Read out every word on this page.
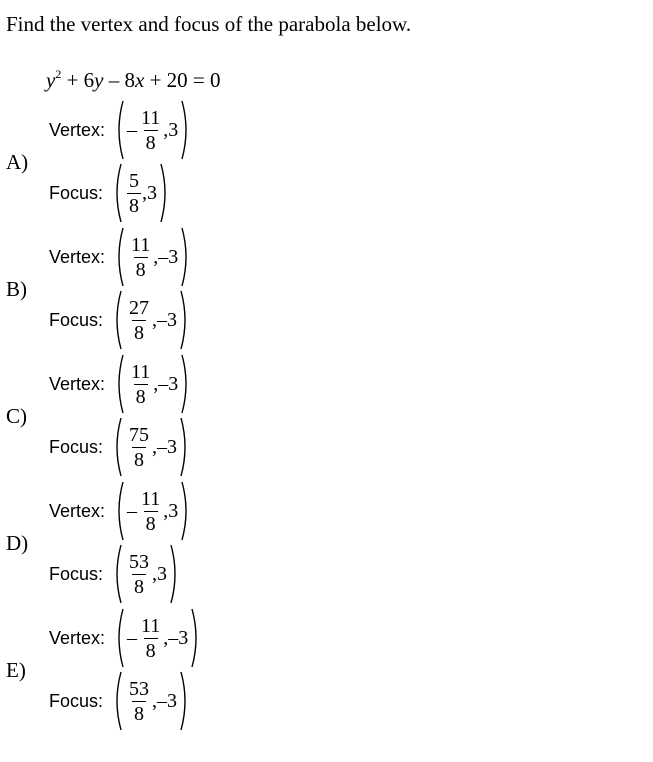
Find the vertex and focus of the parabola below.
$y^2 + 6y - 8x + 20 = 0$
A)
Vertex: – $\frac{11}{8} ,3$
Focus: $\frac{5}{8} ,3$
B)
Vertex: $\frac{11}{8} ,-3$
Focus: $\frac{27}{8} ,-3$
C)
Vertex: $\frac{11}{8} ,-3$
Focus: $\frac{75}{8} ,-3$
D)
Vertex: – $\frac{11}{8} ,3$
Focus: $\frac{53}{8} ,3$
E)
Vertex: – $\frac{11}{8} ,-3$
Focus: $\frac{53}{8} ,-3$
